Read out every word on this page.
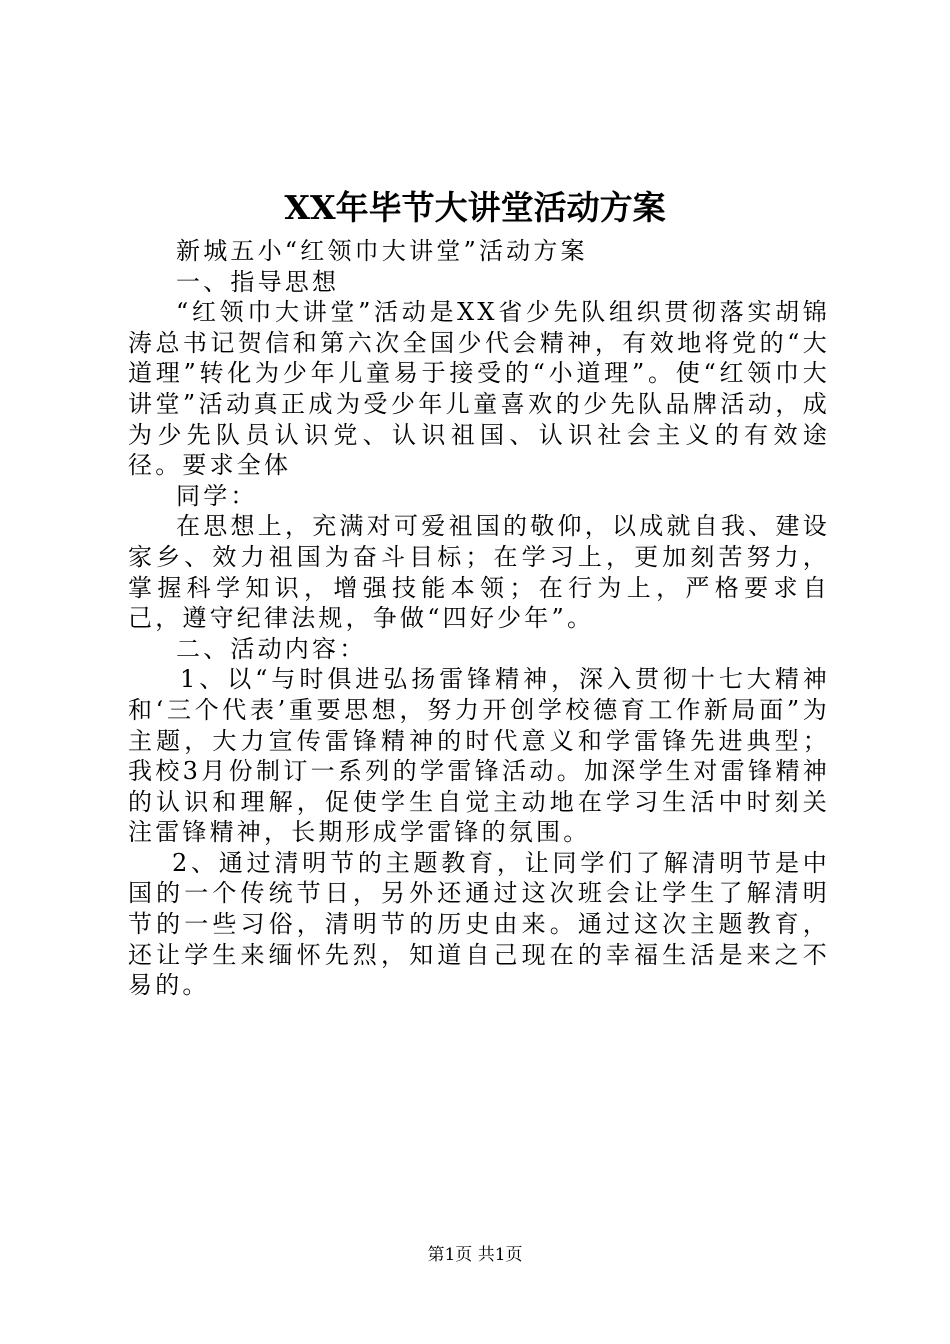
XX年毕节大讲堂活动方案

新城五小“红领巾大讲堂”活动方案

一、指导思想

“红领巾大讲堂”活动是XX省少先队组织贯彻落实胡锦涛总书记贺信和第六次全国少代会精神，有效地将党的“大道理”转化为少年儿童易于接受的“小道理”。使“红领巾大讲堂”活动真正成为受少年儿童喜欢的少先队品牌活动，成为少先队员认识党、认识祖国、认识社会主义的有效途径。要求全体

同学：

在思想上，充满对可爱祖国的敬仰，以成就自我、建设家乡、效力祖国为奋斗目标；在学习上，更加刻苦努力，掌握科学知识，增强技能本领；在行为上，严格要求自己，遵守纪律法规，争做“四好少年”。

二、活动内容：

1、以“与时俱进弘扬雷锋精神，深入贯彻十七大精神和‘三个代表’重要思想，努力开创学校德育工作新局面”为主题，大力宣传雷锋精神的时代意义和学雷锋先进典型；我校3月份制订一系列的学雷锋活动。加深学生对雷锋精神的认识和理解，促使学生自觉主动地在学习生活中时刻关注雷锋精神，长期形成学雷锋的氛围。

2、通过清明节的主题教育，让同学们了解清明节是中国的一个传统节日，另外还通过这次班会让学生了解清明节的一些习俗，清明节的历史由来。通过这次主题教育，还让学生来缅怀先烈，知道自己现在的幸福生活是来之不易的。

第1页 共1页
